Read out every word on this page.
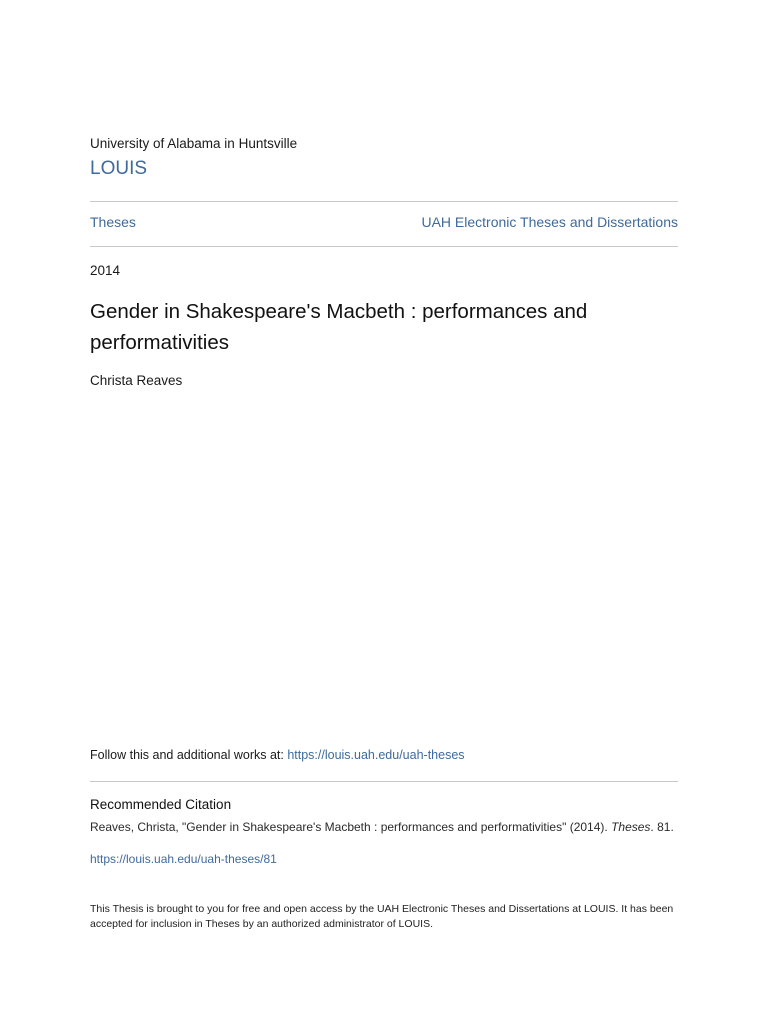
University of Alabama in Huntsville
LOUIS
Theses	UAH Electronic Theses and Dissertations
2014
Gender in Shakespeare's Macbeth : performances and performativities
Christa Reaves
Follow this and additional works at: https://louis.uah.edu/uah-theses
Recommended Citation
Reaves, Christa, "Gender in Shakespeare's Macbeth : performances and performativities" (2014). Theses. 81.
https://louis.uah.edu/uah-theses/81
This Thesis is brought to you for free and open access by the UAH Electronic Theses and Dissertations at LOUIS. It has been accepted for inclusion in Theses by an authorized administrator of LOUIS.
